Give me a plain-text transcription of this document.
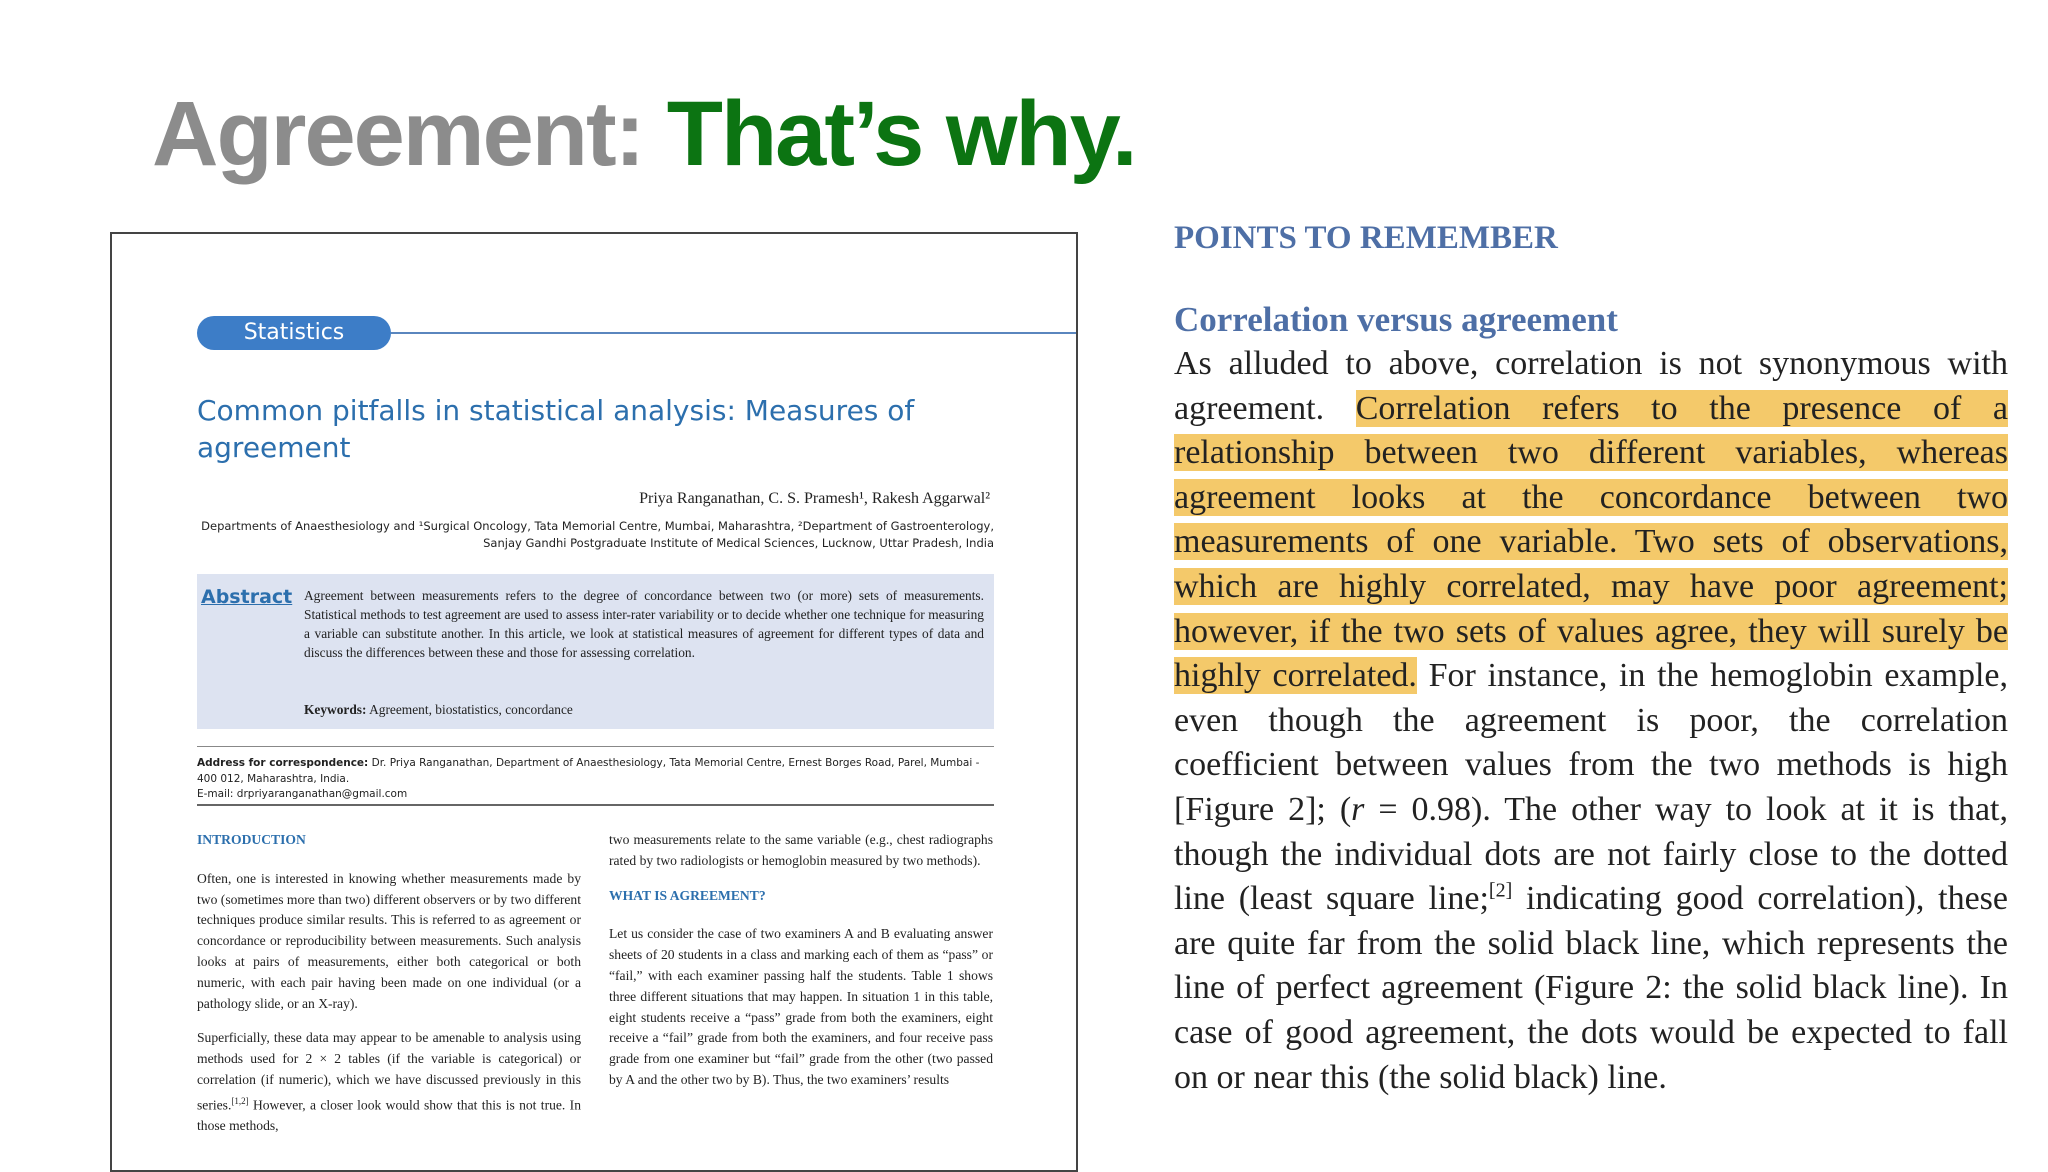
Agreement: That’s why.
Statistics
Common pitfalls in statistical analysis: Measures of agreement
Priya Ranganathan, C. S. Pramesh¹, Rakesh Aggarwal²
Departments of Anaesthesiology and ¹Surgical Oncology, Tata Memorial Centre, Mumbai, Maharashtra, ²Department of Gastroenterology,
Sanjay Gandhi Postgraduate Institute of Medical Sciences, Lucknow, Uttar Pradesh, India
Abstract Agreement between measurements refers to the degree of concordance between two (or more) sets of measurements. Statistical methods to test agreement are used to assess inter-rater variability or to decide whether one technique for measuring a variable can substitute another. In this article, we look at statistical measures of agreement for different types of data and discuss the differences between these and those for assessing correlation.
Keywords: Agreement, biostatistics, concordance
Address for correspondence: Dr. Priya Ranganathan, Department of Anaesthesiology, Tata Memorial Centre, Ernest Borges Road, Parel, Mumbai - 400 012, Maharashtra, India.
E-mail: drpriyaranganathan@gmail.com
INTRODUCTION

Often, one is interested in knowing whether measurements made by two (sometimes more than two) different observers or by two different techniques produce similar results. This is referred to as agreement or concordance or reproducibility between measurements. Such analysis looks at pairs of measurements, either both categorical or both numeric, with each pair having been made on one individual (or a pathology slide, or an X-ray).

Superficially, these data may appear to be amenable to analysis using methods used for 2 × 2 tables (if the variable is categorical) or correlation (if numeric), which we have discussed previously in this series.[1,2] However, a closer look would show that this is not true. In those methods,

two measurements relate to the same variable (e.g., chest radiographs rated by two radiologists or hemoglobin measured by two methods).

WHAT IS AGREEMENT?

Let us consider the case of two examiners A and B evaluating answer sheets of 20 students in a class and marking each of them as “pass” or “fail,” with each examiner passing half the students. Table 1 shows three different situations that may happen. In situation 1 in this table, eight students receive a “pass” grade from both the examiners, eight receive a “fail” grade from both the examiners, and four receive pass grade from one examiner but “fail” grade from the other (two passed by A and the other two by B). Thus, the two examiners’ results

POINTS TO REMEMBER
Correlation versus agreement
As alluded to above, correlation is not synonymous with agreement. Correlation refers to the presence of a relationship between two different variables, whereas agreement looks at the concordance between two measurements of one variable. Two sets of observations, which are highly correlated, may have poor agreement; however, if the two sets of values agree, they will surely be highly correlated. For instance, in the hemoglobin example, even though the agreement is poor, the correlation coefficient between values from the two methods is high [Figure 2]; (r = 0.98). The other way to look at it is that, though the individual dots are not fairly close to the dotted line (least square line;[2] indicating good correlation), these are quite far from the solid black line, which represents the line of perfect agreement (Figure 2: the solid black line). In case of good agreement, the dots would be expected to fall on or near this (the solid black) line.
